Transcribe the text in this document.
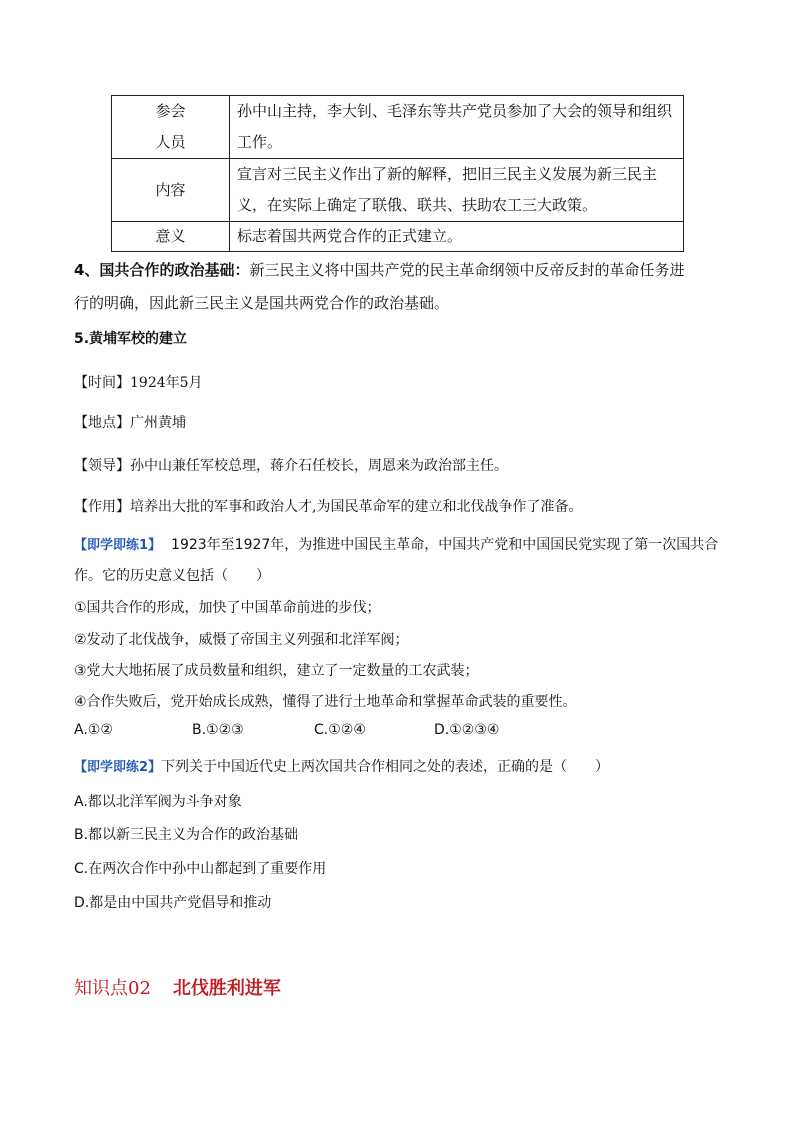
参会
人员	孙中山主持，李大钊、毛泽东等共产党员参加了大会的领导和组织工作。
内容	宣言对三民主义作出了新的解释，把旧三民主义发展为新三民主义，在实际上确定了联俄、联共、扶助农工三大政策。
意义	标志着国共两党合作的正式建立。
4、国共合作的政治基础：新三民主义将中国共产党的民主革命纲领中反帝反封的革命任务进
行的明确，因此新三民主义是国共两党合作的政治基础。
5.黄埔军校的建立
【时间】1924年5月
【地点】广州黄埔
【领导】孙中山兼任军校总理，蒋介石任校长，周恩来为政治部主任。
【作用】培养出大批的军事和政治人才,为国民革命军的建立和北伐战争作了准备。
【即学即练1】 1923年至1927年，为推进中国民主革命，中国共产党和中国国民党实现了第一次国共合
作。它的历史意义包括（　　）
①国共合作的形成，加快了中国革命前进的步伐；
②发动了北伐战争，威慑了帝国主义列强和北洋军阀；
③党大大地拓展了成员数量和组织，建立了一定数量的工农武装；
④合作失败后，党开始成长成熟，懂得了进行土地革命和掌握革命武装的重要性。
A.①②	B.①②③	C.①②④	D.①②③④
【即学即练2】下列关于中国近代史上两次国共合作相同之处的表述，正确的是（　　）
A.都以北洋军阀为斗争对象
B.都以新三民主义为合作的政治基础
C.在两次合作中孙中山都起到了重要作用
D.都是由中国共产党倡导和推动
知识点02 北伐胜利进军
